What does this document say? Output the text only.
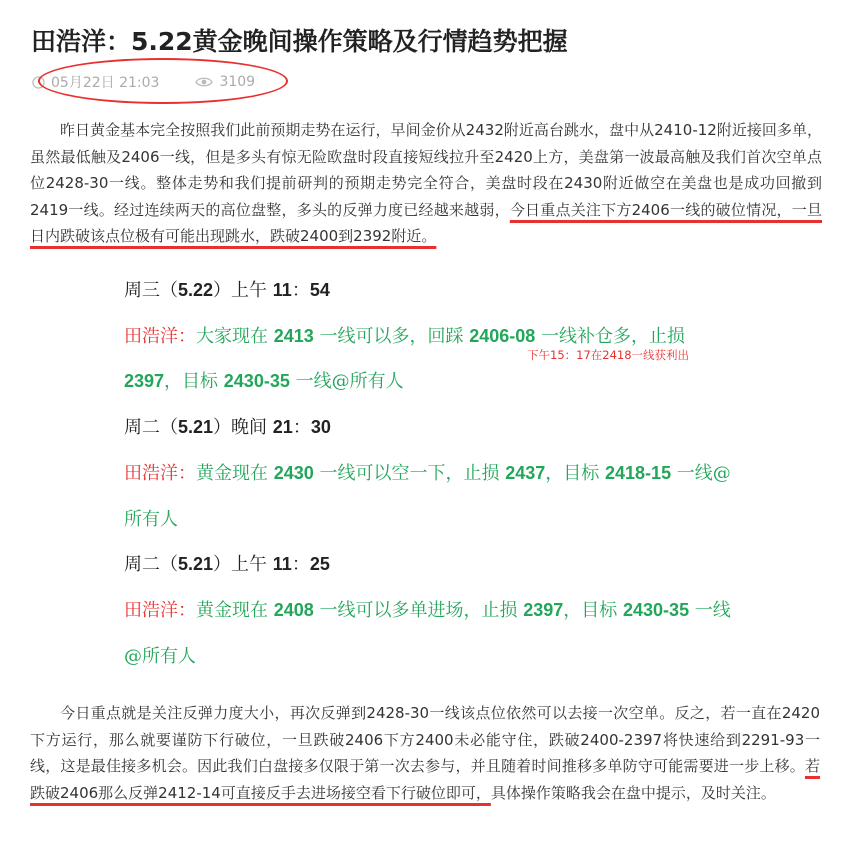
田浩洋：5.22黄金晚间操作策略及行情趋势把握
05月22日 21:03	3109

昨日黄金基本完全按照我们此前预期走势在运行，早间金价从2432附近高台跳水，盘中从2410-12附近接回多单，虽然最低触及2406一线，但是多头有惊无险欧盘时段直接短线拉升至2420上方，美盘第一波最高触及我们首次空单点位2428-30一线。整体走势和我们提前研判的预期走势完全符合，美盘时段在2430附近做空在美盘也是成功回撤到2419一线。经过连续两天的高位盘整，多头的反弹力度已经越来越弱，今日重点关注下方2406一线的破位情况，一旦日内跌破该点位极有可能出现跳水，跌破2400到2392附近。

周三（5.22）上午 11：54
田浩洋：大家现在 2413 一线可以多，回踩 2406-08 一线补仓多，止损 2397，目标 2430-35 一线@所有人
周二（5.21）晚间 21：30
田浩洋：黄金现在 2430 一线可以空一下，止损 2437，目标 2418-15 一线@所有人
周二（5.21）上午 11：25
田浩洋：黄金现在 2408 一线可以多单进场，止损 2397，目标 2430-35 一线@所有人
下午15：17在2418一线获利出

今日重点就是关注反弹力度大小，再次反弹到2428-30一线该点位依然可以去接一次空单。反之，若一直在2420下方运行，那么就要谨防下行破位，一旦跌破2406下方2400未必能守住，跌破2400-2397将快速给到2291-93一线，这是最佳接多机会。因此我们白盘接多仅限于第一次去参与，并且随着时间推移多单防守可能需要进一步上移。若跌破2406那么反弹2412-14可直接反手去进场接空看下行破位即可，具体操作策略我会在盘中提示，及时关注。
